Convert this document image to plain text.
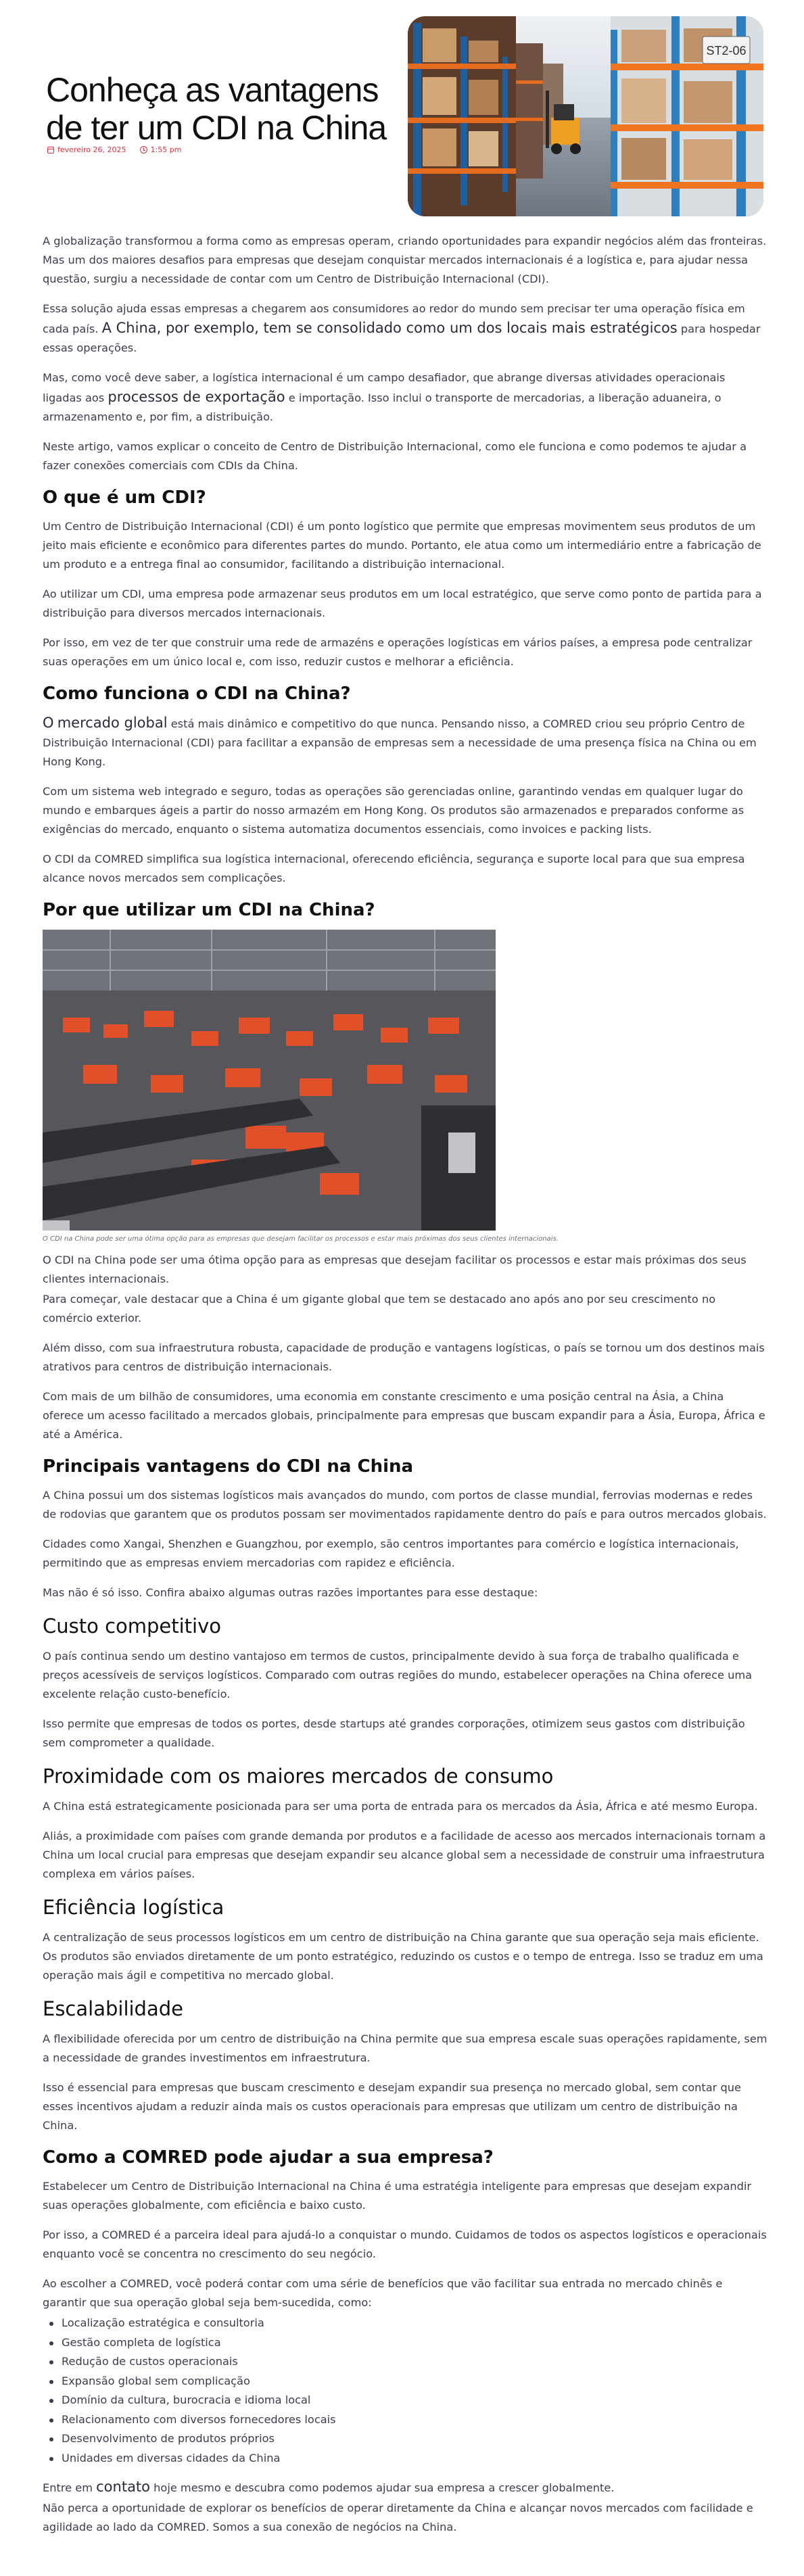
Conheça as vantagens de ter um CDI na China
fevereiro 26, 2025	1:55 pm
ST2-06

A globalização transformou a forma como as empresas operam, criando oportunidades para expandir negócios além das fronteiras. Mas um dos maiores desafios para empresas que desejam conquistar mercados internacionais é a logística e, para ajudar nessa questão, surgiu a necessidade de contar com um Centro de Distribuição Internacional (CDI).

Essa solução ajuda essas empresas a chegarem aos consumidores ao redor do mundo sem precisar ter uma operação física em cada país. A China, por exemplo, tem se consolidado como um dos locais mais estratégicos para hospedar essas operações.

Mas, como você deve saber, a logística internacional é um campo desafiador, que abrange diversas atividades operacionais ligadas aos processos de exportação e importação. Isso inclui o transporte de mercadorias, a liberação aduaneira, o armazenamento e, por fim, a distribuição.

Neste artigo, vamos explicar o conceito de Centro de Distribuição Internacional, como ele funciona e como podemos te ajudar a fazer conexões comerciais com CDIs da China.

O que é um CDI?

Um Centro de Distribuição Internacional (CDI) é um ponto logístico que permite que empresas movimentem seus produtos de um jeito mais eficiente e econômico para diferentes partes do mundo. Portanto, ele atua como um intermediário entre a fabricação de um produto e a entrega final ao consumidor, facilitando a distribuição internacional.

Ao utilizar um CDI, uma empresa pode armazenar seus produtos em um local estratégico, que serve como ponto de partida para a distribuição para diversos mercados internacionais.

Por isso, em vez de ter que construir uma rede de armazéns e operações logísticas em vários países, a empresa pode centralizar suas operações em um único local e, com isso, reduzir custos e melhorar a eficiência.

Como funciona o CDI na China?

O mercado global está mais dinâmico e competitivo do que nunca. Pensando nisso, a COMRED criou seu próprio Centro de Distribuição Internacional (CDI) para facilitar a expansão de empresas sem a necessidade de uma presença física na China ou em Hong Kong.

Com um sistema web integrado e seguro, todas as operações são gerenciadas online, garantindo vendas em qualquer lugar do mundo e embarques ágeis a partir do nosso armazém em Hong Kong. Os produtos são armazenados e preparados conforme as exigências do mercado, enquanto o sistema automatiza documentos essenciais, como invoices e packing lists.

O CDI da COMRED simplifica sua logística internacional, oferecendo eficiência, segurança e suporte local para que sua empresa alcance novos mercados sem complicações.

Por que utilizar um CDI na China?
O CDI na China pode ser uma ótima opção para as empresas que desejam facilitar os processos e estar mais próximas dos seus clientes internacionais.

O CDI na China pode ser uma ótima opção para as empresas que desejam facilitar os processos e estar mais próximas dos seus clientes internacionais.

Para começar, vale destacar que a China é um gigante global que tem se destacado ano após ano por seu crescimento no comércio exterior.

Além disso, com sua infraestrutura robusta, capacidade de produção e vantagens logísticas, o país se tornou um dos destinos mais atrativos para centros de distribuição internacionais.

Com mais de um bilhão de consumidores, uma economia em constante crescimento e uma posição central na Ásia, a China oferece um acesso facilitado a mercados globais, principalmente para empresas que buscam expandir para a Ásia, Europa, África e até a América.

Principais vantagens do CDI na China

A China possui um dos sistemas logísticos mais avançados do mundo, com portos de classe mundial, ferrovias modernas e redes de rodovias que garantem que os produtos possam ser movimentados rapidamente dentro do país e para outros mercados globais.

Cidades como Xangai, Shenzhen e Guangzhou, por exemplo, são centros importantes para comércio e logística internacionais, permitindo que as empresas enviem mercadorias com rapidez e eficiência.

Mas não é só isso. Confira abaixo algumas outras razões importantes para esse destaque:

Custo competitivo

O país continua sendo um destino vantajoso em termos de custos, principalmente devido à sua força de trabalho qualificada e preços acessíveis de serviços logísticos. Comparado com outras regiões do mundo, estabelecer operações na China oferece uma excelente relação custo-benefício.

Isso permite que empresas de todos os portes, desde startups até grandes corporações, otimizem seus gastos com distribuição sem comprometer a qualidade.

Proximidade com os maiores mercados de consumo

A China está estrategicamente posicionada para ser uma porta de entrada para os mercados da Ásia, África e até mesmo Europa.

Aliás, a proximidade com países com grande demanda por produtos e a facilidade de acesso aos mercados internacionais tornam a China um local crucial para empresas que desejam expandir seu alcance global sem a necessidade de construir uma infraestrutura complexa em vários países.

Eficiência logística

A centralização de seus processos logísticos em um centro de distribuição na China garante que sua operação seja mais eficiente. Os produtos são enviados diretamente de um ponto estratégico, reduzindo os custos e o tempo de entrega. Isso se traduz em uma operação mais ágil e competitiva no mercado global.

Escalabilidade

A flexibilidade oferecida por um centro de distribuição na China permite que sua empresa escale suas operações rapidamente, sem a necessidade de grandes investimentos em infraestrutura.

Isso é essencial para empresas que buscam crescimento e desejam expandir sua presença no mercado global, sem contar que esses incentivos ajudam a reduzir ainda mais os custos operacionais para empresas que utilizam um centro de distribuição na China.

Como a COMRED pode ajudar a sua empresa?

Estabelecer um Centro de Distribuição Internacional na China é uma estratégia inteligente para empresas que desejam expandir suas operações globalmente, com eficiência e baixo custo.

Por isso, a COMRED é a parceira ideal para ajudá-lo a conquistar o mundo. Cuidamos de todos os aspectos logísticos e operacionais enquanto você se concentra no crescimento do seu negócio.

Ao escolher a COMRED, você poderá contar com uma série de benefícios que vão facilitar sua entrada no mercado chinês e garantir que sua operação global seja bem-sucedida, como:

Localização estratégica e consultoria
Gestão completa de logística
Redução de custos operacionais
Expansão global sem complicação
Domínio da cultura, burocracia e idioma local
Relacionamento com diversos fornecedores locais
Desenvolvimento de produtos próprios
Unidades em diversas cidades da China

Entre em contato hoje mesmo e descubra como podemos ajudar sua empresa a crescer globalmente.

Não perca a oportunidade de explorar os benefícios de operar diretamente da China e alcançar novos mercados com facilidade e agilidade ao lado da COMRED. Somos a sua conexão de negócios na China.
